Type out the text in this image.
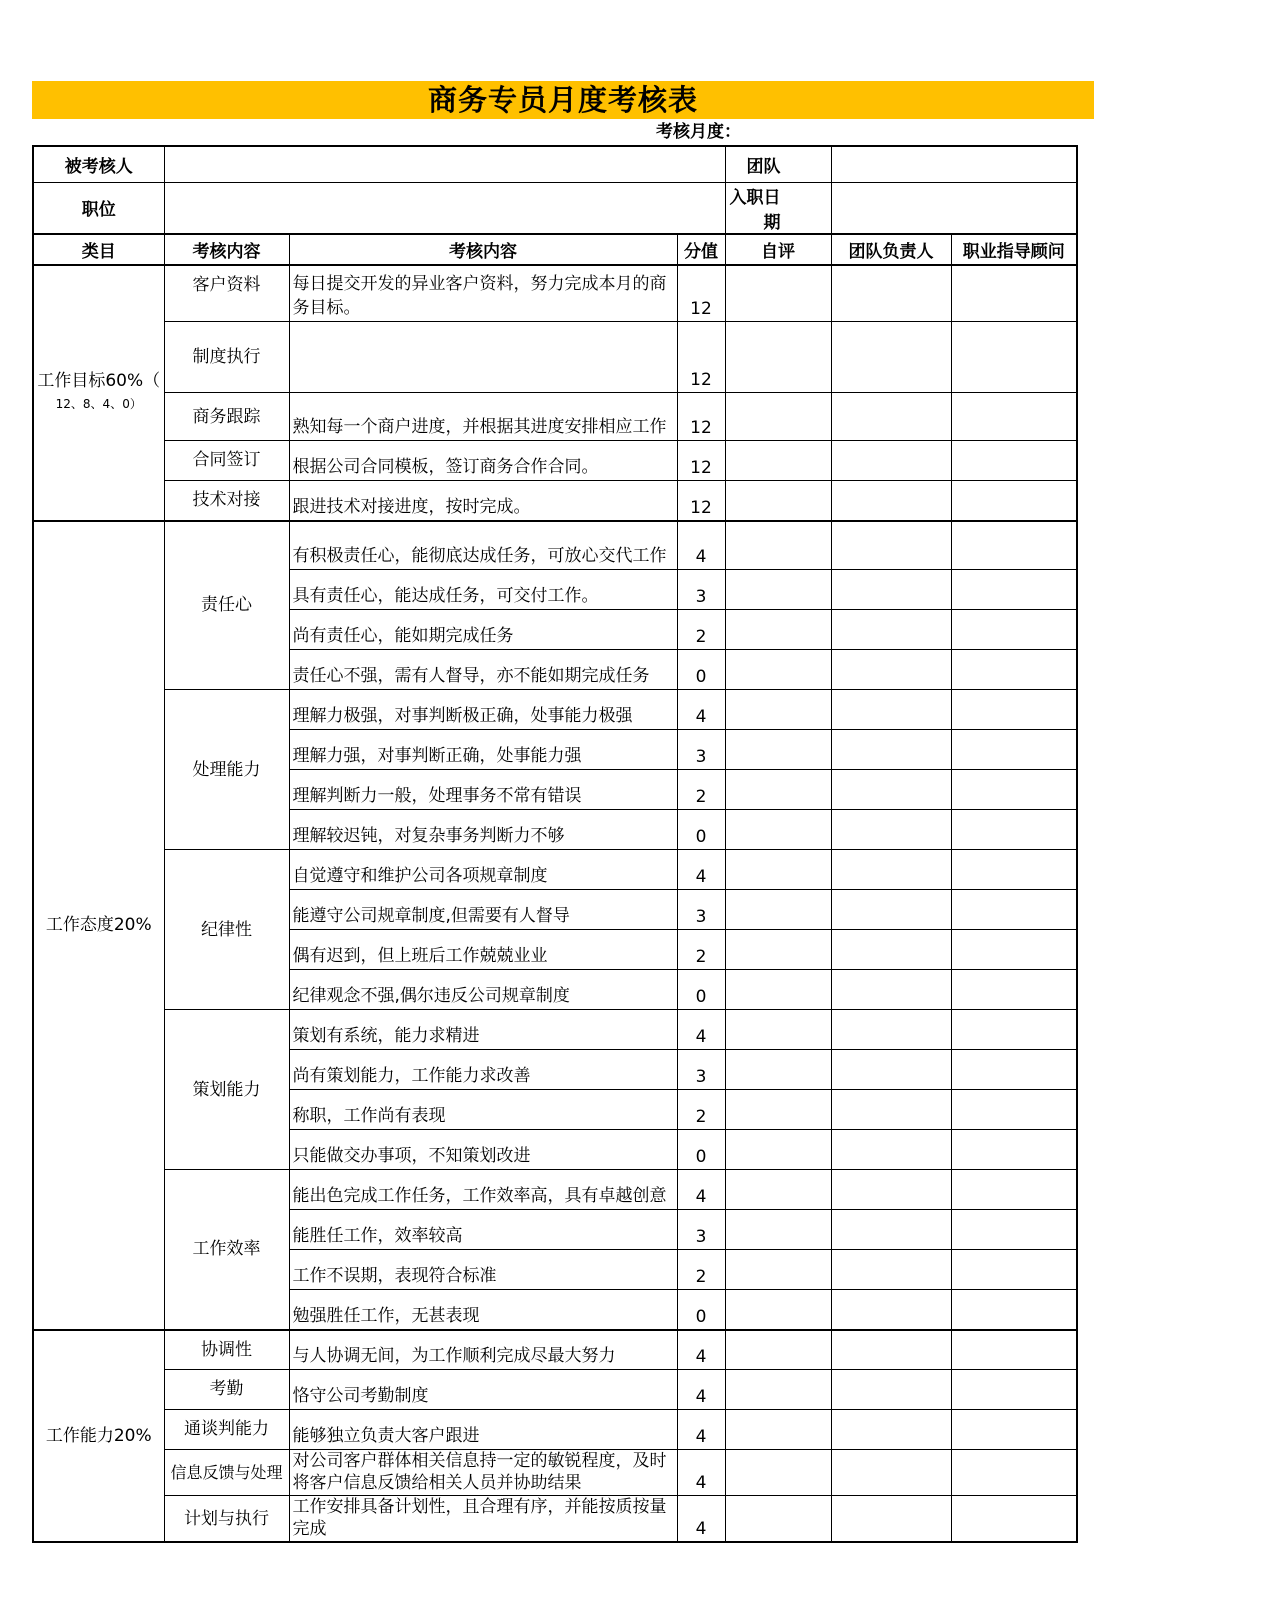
商务专员月度考核表
考核月度：
被考核人				团队		
职位				入职日期		
类目	考核内容	考核内容	分值	自评	团队负责人	职业指导顾问
工作目标60%（
12、8、4、0）	客户资料	每日提交开发的异业客户资料，努力完成本月的商务目标。	12			
	制度执行		12			
	商务跟踪	熟知每一个商户进度，并根据其进度安排相应工作	12			
	合同签订	根据公司合同模板，签订商务合作合同。	12			
	技术对接	跟进技术对接进度，按时完成。	12			
工作态度20%	责任心	有积极责任心，能彻底达成任务，可放心交代工作	4			
		具有责任心，能达成任务，可交付工作。	3			
		尚有责任心，能如期完成任务	2			
		责任心不强，需有人督导，亦不能如期完成任务	0			
	处理能力	理解力极强，对事判断极正确，处事能力极强	4			
		理解力强，对事判断正确，处事能力强	3			
		理解判断力一般，处理事务不常有错误	2			
		理解较迟钝，对复杂事务判断力不够	0			
	纪律性	自觉遵守和维护公司各项规章制度	4			
		能遵守公司规章制度,但需要有人督导	3			
		偶有迟到，但上班后工作兢兢业业	2			
		纪律观念不强,偶尔违反公司规章制度	0			
	策划能力	策划有系统，能力求精进	4			
		尚有策划能力，工作能力求改善	3			
		称职，工作尚有表现	2			
		只能做交办事项，不知策划改进	0			
	工作效率	能出色完成工作任务，工作效率高，具有卓越创意	4			
		能胜任工作，效率较高	3			
		工作不误期，表现符合标准	2			
		勉强胜任工作，无甚表现	0			
工作能力20%	协调性	与人协调无间，为工作顺利完成尽最大努力	4			
	考勤	恪守公司考勤制度	4			
	通谈判能力	能够独立负责大客户跟进	4			
	信息反馈与处理	对公司客户群体相关信息持一定的敏锐程度，及时将客户信息反馈给相关人员并协助结果	4			
	计划与执行	工作安排具备计划性，且合理有序，并能按质按量完成	4			
